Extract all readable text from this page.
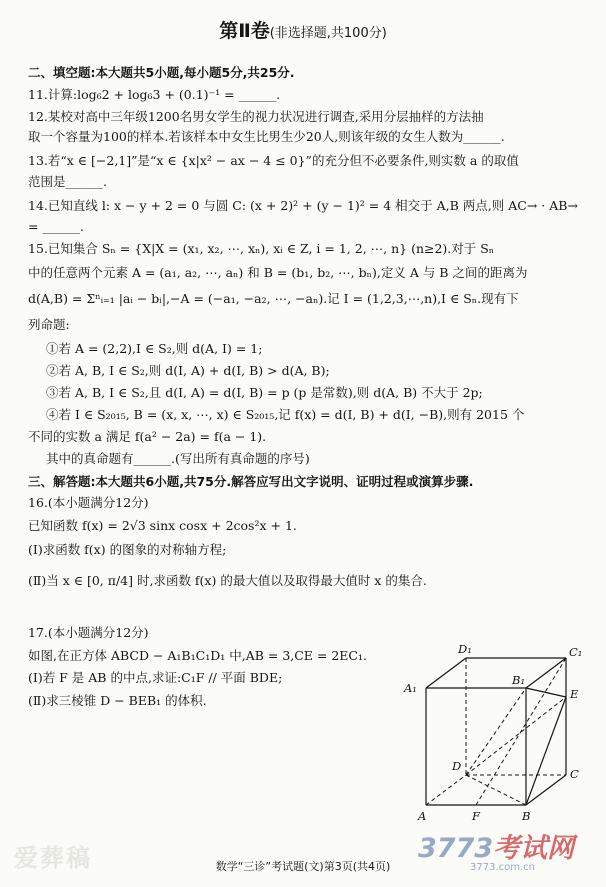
第Ⅱ卷(非选择题,共100分)
二、填空题:本大题共5小题,每小题5分,共25分.
11.计算:log₆2 + log₆3 + (0.1)⁻¹ = ______.
12.某校对高中三年级1200名男女学生的视力状况进行调查,采用分层抽样的方法抽
取一个容量为100的样本.若该样本中女生比男生少20人,则该年级的女生人数为______.
13.若“x ∈ [−2,1]”是“x ∈ {x|x² − ax − 4 ≤ 0}”的充分但不必要条件,则实数 a 的取值
范围是______.
14.已知直线 l: x − y + 2 = 0 与圆 C: (x + 2)² + (y − 1)² = 4 相交于 A,B 两点,则 AC→ · AB→
= ______.
15.已知集合 Sₙ = {X|X = (x₁, x₂, ⋯, xₙ), xᵢ ∈ Z, i = 1, 2, ⋯, n} (n≥2).对于 Sₙ
中的任意两个元素 A = (a₁, a₂, ⋯, aₙ) 和 B = (b₁, b₂, ⋯, bₙ),定义 A 与 B 之间的距离为
d(A,B) = Σⁿᵢ₌₁ |aᵢ − bᵢ|,−A = (−a₁, −a₂, ⋯, −aₙ).记 I = (1,2,3,⋯,n),I ∈ Sₙ.现有下
列命题:
①若 A = (2,2),I ∈ S₂,则 d(A, I) = 1;
②若 A, B, I ∈ S₂,则 d(I, A) + d(I, B) > d(A, B);
③若 A, B, I ∈ S₂,且 d(I, A) = d(I, B) = p (p 是常数),则 d(A, B) 不大于 2p;
④若 I ∈ S₂₀₁₅, B = (x, x, ⋯, x) ∈ S₂₀₁₅,记 f(x) = d(I, B) + d(I, −B),则有 2015 个
不同的实数 a 满足 f(a² − 2a) = f(a − 1).
其中的真命题有______.(写出所有真命题的序号)
三、解答题:本大题共6小题,共75分.解答应写出文字说明、证明过程或演算步骤.
16.(本小题满分12分)
已知函数 f(x) = 2√3 sinx cosx + 2cos²x + 1.
(Ⅰ)求函数 f(x) 的图象的对称轴方程;
(Ⅱ)当 x ∈ [0, π/4] 时,求函数 f(x) 的最大值以及取得最大值时 x 的集合.
17.(本小题满分12分)
如图,在正方体 ABCD − A₁B₁C₁D₁ 中,AB = 3,CE = 2EC₁.
(Ⅰ)若 F 是 AB 的中点,求证:C₁F // 平面 BDE;
(Ⅱ)求三棱锥 D − BEB₁ 的体积.
D₁	C₁
A₁
B₁
E
D
C
A	F	B
爱葬稿	3773考试网
3773.com.cn
数学“三诊”考试题(文)第3页(共4页)
